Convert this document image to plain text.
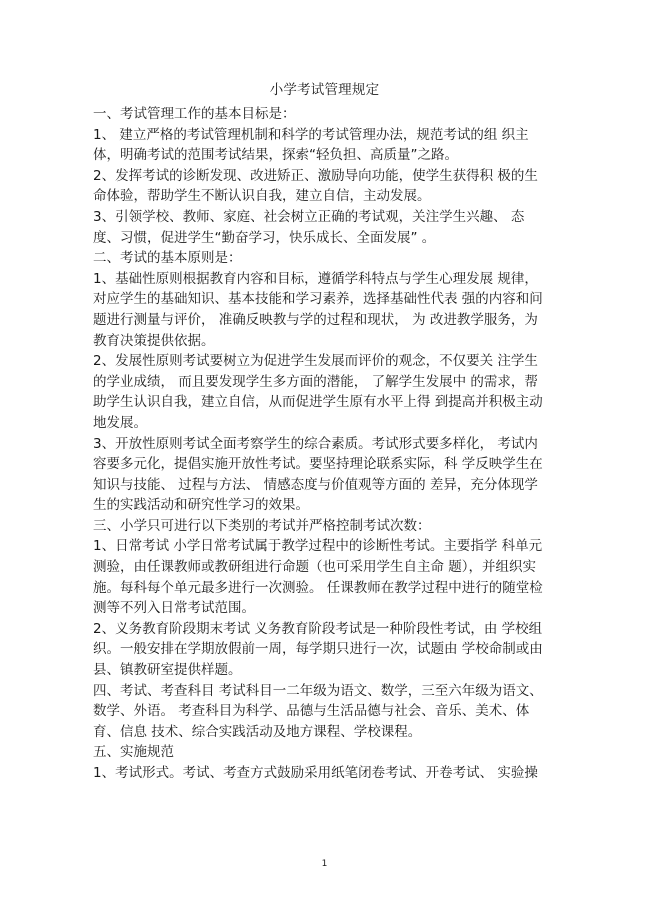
小学考试管理规定
一、考试管理工作的基本目标是：
1、 建立严格的考试管理机制和科学的考试管理办法，规范考试的组 织主
体，明确考试的范围考试结果，探索“轻负担、高质量”之路。
2、发挥考试的诊断发现、改进矫正、激励导向功能，使学生获得积 极的生
命体验，帮助学生不断认识自我，建立自信，主动发展。
3、引领学校、教师、家庭、社会树立正确的考试观，关注学生兴趣、 态
度、习惯，促进学生“勤奋学习，快乐成长、全面发展” 。
二、考试的基本原则是：
1、基础性原则根据教育内容和目标，遵循学科特点与学生心理发展 规律，
对应学生的基础知识、基本技能和学习素养，选择基础性代表 强的内容和问
题进行测量与评价， 准确反映教与学的过程和现状， 为 改进教学服务，为
教育决策提供依据。
2、发展性原则考试要树立为促进学生发展而评价的观念，不仅要关 注学生
的学业成绩， 而且要发现学生多方面的潜能， 了解学生发展中 的需求，帮
助学生认识自我，建立自信，从而促进学生原有水平上得 到提高并积极主动
地发展。
3、开放性原则考试全面考察学生的综合素质。考试形式要多样化， 考试内
容要多元化，提倡实施开放性考试。要坚持理论联系实际，科 学反映学生在
知识与技能、 过程与方法、 情感态度与价值观等方面的 差异，充分体现学
生的实践活动和研究性学习的效果。
三、小学只可进行以下类别的考试并严格控制考试次数：
1、日常考试 小学日常考试属于教学过程中的诊断性考试。主要指学 科单元
测验，由任课教师或教研组进行命题（也可采用学生自主命 题），并组织实
施。每科每个单元最多进行一次测验。 任课教师在教学过程中进行的随堂检
测等不列入日常考试范围。
2、义务教育阶段期末考试 义务教育阶段考试是一种阶段性考试，由 学校组
织。一般安排在学期放假前一周，每学期只进行一次，试题由 学校命制或由
县、镇教研室提供样题。
四、考试、考查科目 考试科目一二年级为语文、数学，三至六年级为语文、
数学、外语。 考查科目为科学、品德与生活品德与社会、音乐、美术、体
育、信息 技术、综合实践活动及地方课程、学校课程。
五、实施规范
1、考试形式。考试、考查方式鼓励采用纸笔闭卷考试、开卷考试、 实验操
1
